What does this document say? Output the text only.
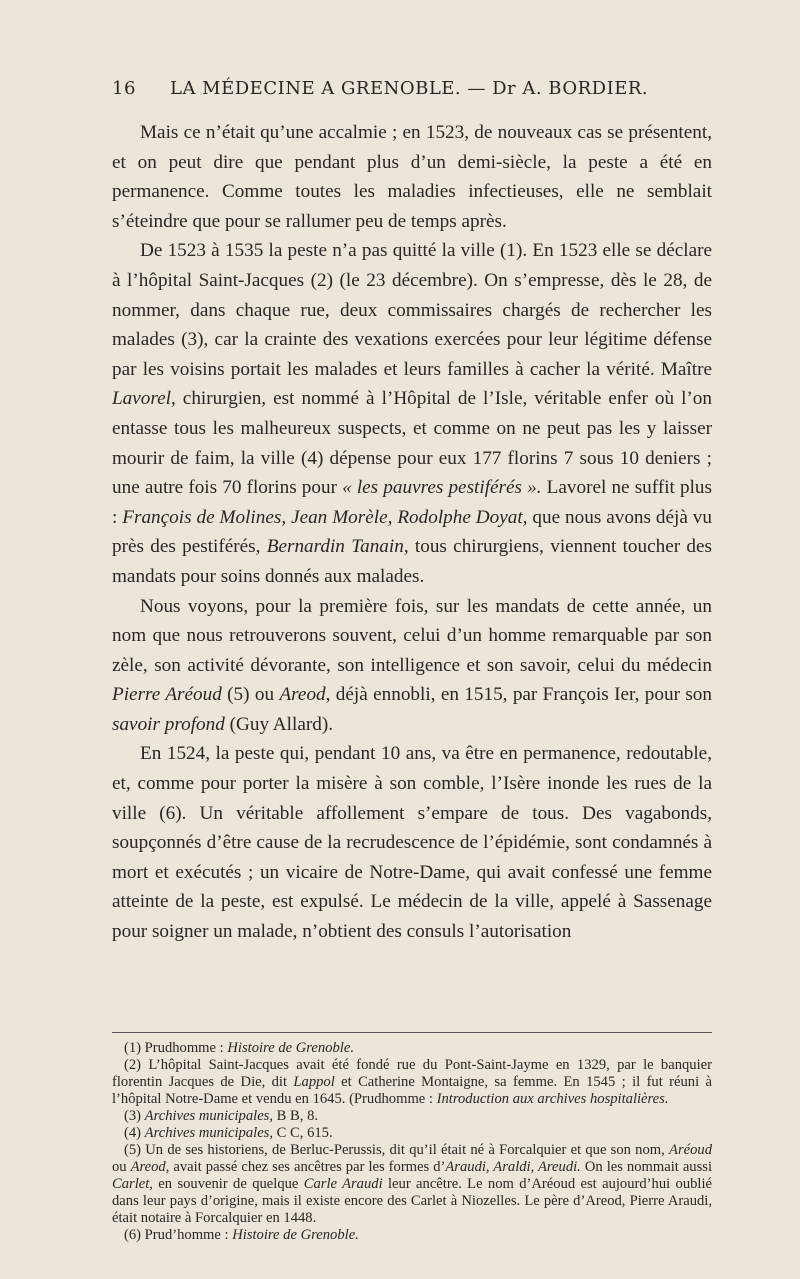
16	LA MÉDECINE A GRENOBLE. — Dr A. BORDIER.

Mais ce n’était qu’une accalmie ; en 1523, de nouveaux cas se présentent, et on peut dire que pendant plus d’un demi-siècle, la peste a été en permanence. Comme toutes les maladies infectieuses, elle ne semblait s’éteindre que pour se rallumer peu de temps après.

De 1523 à 1535 la peste n’a pas quitté la ville (1). En 1523 elle se déclare à l’hôpital Saint-Jacques (2) (le 23 décembre). On s’empresse, dès le 28, de nommer, dans chaque rue, deux commissaires chargés de rechercher les malades (3), car la crainte des vexations exercées pour leur légitime défense par les voisins portait les malades et leurs familles à cacher la vérité. Maître Lavorel, chirurgien, est nommé à l’Hôpital de l’Isle, véritable enfer où l’on entasse tous les malheureux suspects, et comme on ne peut pas les y laisser mourir de faim, la ville (4) dépense pour eux 177 florins 7 sous 10 deniers ; une autre fois 70 florins pour « les pauvres pestiférés ». Lavorel ne suffit plus : François de Molines, Jean Morèle, Rodolphe Doyat, que nous avons déjà vu près des pestiférés, Bernardin Tanain, tous chirurgiens, viennent toucher des mandats pour soins donnés aux malades.

Nous voyons, pour la première fois, sur les mandats de cette année, un nom que nous retrouverons souvent, celui d’un homme remarquable par son zèle, son activité dévorante, son intelligence et son savoir, celui du médecin Pierre Aréoud (5) ou Areod, déjà ennobli, en 1515, par François Ier, pour son savoir profond (Guy Allard).

En 1524, la peste qui, pendant 10 ans, va être en permanence, redoutable, et, comme pour porter la misère à son comble, l’Isère inonde les rues de la ville (6). Un véritable affollement s’empare de tous. Des vagabonds, soupçonnés d’être cause de la recrudescence de l’épidémie, sont condamnés à mort et exécutés ; un vicaire de Notre-Dame, qui avait confessé une femme atteinte de la peste, est expulsé. Le médecin de la ville, appelé à Sassenage pour soigner un malade, n’obtient des consuls l’autorisation

(1) Prudhomme : Histoire de Grenoble.

(2) L’hôpital Saint-Jacques avait été fondé rue du Pont-Saint-Jayme en 1329, par le banquier florentin Jacques de Die, dit Lappol et Catherine Montaigne, sa femme. En 1545 ; il fut réuni à l’hôpital Notre-Dame et vendu en 1645. (Prudhomme : Introduction aux archives hospitalières.

(3) Archives municipales, B B, 8.

(4) Archives municipales, C C, 615.

(5) Un de ses historiens, de Berluc-Perussis, dit qu’il était né à Forcalquier et que son nom, Aréoud ou Areod, avait passé chez ses ancêtres par les formes d’Araudi, Araldi, Areudi. On les nommait aussi Carlet, en souvenir de quelque Carle Araudi leur ancêtre. Le nom d’Aréoud est aujourd’hui oublié dans leur pays d’origine, mais il existe encore des Carlet à Niozelles. Le père d’Areod, Pierre Araudi, était notaire à Forcalquier en 1448.

(6) Prud’homme : Histoire de Grenoble.
